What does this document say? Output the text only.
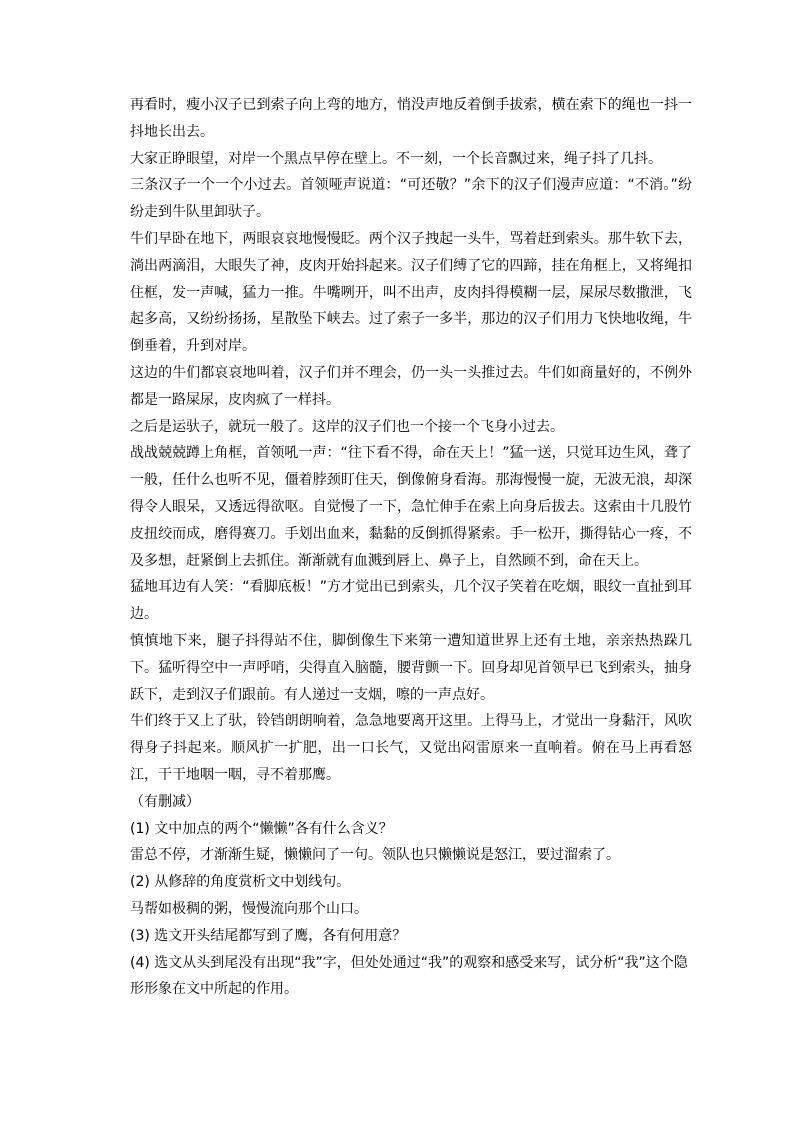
再看时，瘦小汉子已到索子向上弯的地方，悄没声地反着倒手拔索，横在索下的绳也一抖一抖地长出去。

大家正睁眼望，对岸一个黑点早停在壁上。不一刻，一个长音飘过来，绳子抖了几抖。

三条汉子一个一个小过去。首领哑声说道：“可还敬？”余下的汉子们漫声应道：“不消。”纷纷走到牛队里卸驮子。

牛们早卧在地下，两眼哀哀地慢慢眨。两个汉子拽起一头牛，骂着赶到索头。那牛软下去，淌出两滴泪，大眼失了神，皮肉开始抖起来。汉子们缚了它的四蹄，挂在角框上，又将绳扣住框，发一声喊，猛力一推。牛嘴咧开，叫不出声，皮肉抖得模糊一层，屎尿尽数撒泄，飞起多高，又纷纷扬扬，星散坠下峡去。过了索子一多半，那边的汉子们用力飞快地收绳，牛倒垂着，升到对岸。

这边的牛们都哀哀地叫着，汉子们并不理会，仍一头一头推过去。牛们如商量好的，不例外都是一路屎尿，皮肉疯了一样抖。

之后是运驮子，就玩一般了。这岸的汉子们也一个接一个飞身小过去。

战战兢兢蹲上角框，首领吼一声：“往下看不得，命在天上！”猛一送，只觉耳边生风，聋了一般，任什么也听不见，僵着脖颈盯住天，倒像俯身看海。那海慢慢一旋，无波无浪，却深得令人眼呆，又透远得欲呕。自觉慢了一下，急忙伸手在索上向身后拔去。这索由十几股竹皮扭绞而成，磨得赛刀。手划出血来，黏黏的反倒抓得紧索。手一松开，撕得钻心一疼，不及多想，赶紧倒上去抓住。渐渐就有血溅到唇上、鼻子上，自然顾不到，命在天上。

猛地耳边有人笑：“看脚底板！”方才觉出已到索头，几个汉子笑着在吃烟，眼纹一直扯到耳边。

慎慎地下来，腿子抖得站不住，脚倒像生下来第一遭知道世界上还有土地，亲亲热热跺几下。猛听得空中一声呼哨，尖得直入脑髓，腰背颤一下。回身却见首领早已飞到索头，抽身跃下，走到汉子们跟前。有人递过一支烟，嚓的一声点好。

牛们终于又上了驮，铃铛朗朗响着，急急地要离开这里。上得马上，才觉出一身黏汗，风吹得身子抖起来。顺风扩一扩肥，出一口长气，又觉出闷雷原来一直响着。俯在马上再看怒江，干干地咽一咽，寻不着那鹰。

（有删减）

(1) 文中加点的两个“懒懒”各有什么含义？

雷总不停，才渐渐生疑，懒懒问了一句。领队也只懒懒说是怒江，要过溜索了。

(2) 从修辞的角度赏析文中划线句。

马帮如极稠的粥，慢慢流向那个山口。

(3) 选文开头结尾都写到了鹰，各有何用意？

(4) 选文从头到尾没有出现“我”字，但处处通过“我”的观察和感受来写，试分析“我”这个隐形形象在文中所起的作用。
